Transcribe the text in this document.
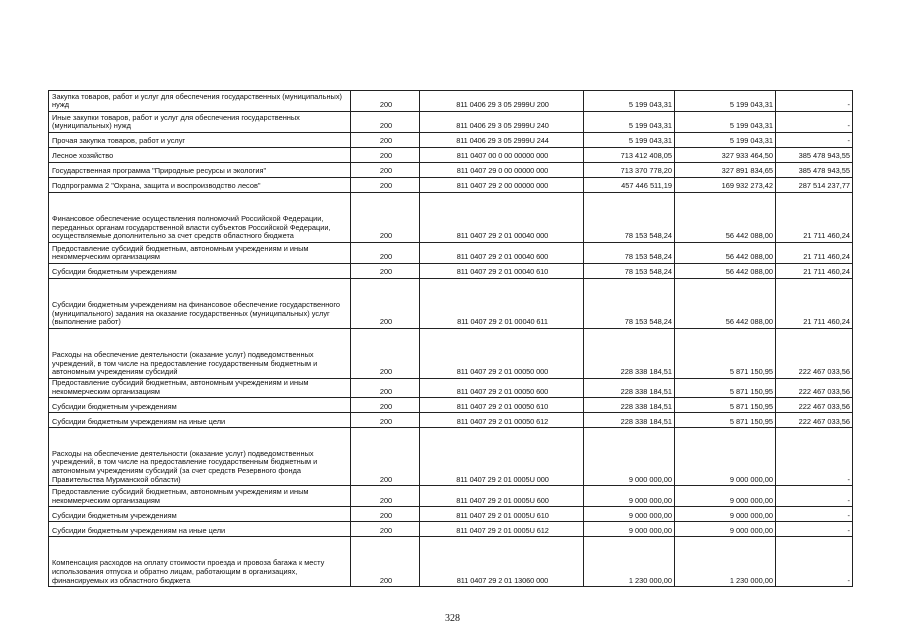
Закупка товаров, работ и услуг для обеспечения государственных (муниципальных) нужд	200	811 0406 29 3 05 2999U 200	5 199 043,31	5 199 043,31	-
Иные закупки товаров, работ и услуг для обеспечения государственных (муниципальных) нужд	200	811 0406 29 3 05 2999U 240	5 199 043,31	5 199 043,31	-
Прочая закупка товаров, работ и услуг	200	811 0406 29 3 05 2999U 244	5 199 043,31	5 199 043,31	-
Лесное хозяйство	200	811 0407 00 0 00 00000 000	713 412 408,05	327 933 464,50	385 478 943,55
Государственная программа "Природные ресурсы и экология"	200	811 0407 29 0 00 00000 000	713 370 778,20	327 891 834,65	385 478 943,55
Подпрограмма 2 "Охрана, защита и воспроизводство лесов"	200	811 0407 29 2 00 00000 000	457 446 511,19	169 932 273,42	287 514 237,77
Финансовое обеспечение осуществления полномочий Российской Федерации, переданных органам государственной власти субъектов Российской Федерации, осуществляемые дополнительно за счет средств областного бюджета	200	811 0407 29 2 01 00040 000	78 153 548,24	56 442 088,00	21 711 460,24
Предоставление субсидий бюджетным, автономным учреждениям и иным некоммерческим организациям	200	811 0407 29 2 01 00040 600	78 153 548,24	56 442 088,00	21 711 460,24
Субсидии бюджетным учреждениям	200	811 0407 29 2 01 00040 610	78 153 548,24	56 442 088,00	21 711 460,24
Субсидии бюджетным учреждениям на финансовое обеспечение государственного (муниципального) задания на оказание государственных (муниципальных) услуг (выполнение работ)	200	811 0407 29 2 01 00040 611	78 153 548,24	56 442 088,00	21 711 460,24
Расходы на обеспечение деятельности (оказание услуг) подведомственных учреждений, в том числе на предоставление государственным бюджетным и автономным учреждениям субсидий	200	811 0407 29 2 01 00050 000	228 338 184,51	5 871 150,95	222 467 033,56
Предоставление субсидий бюджетным, автономным учреждениям и иным некоммерческим организациям	200	811 0407 29 2 01 00050 600	228 338 184,51	5 871 150,95	222 467 033,56
Субсидии бюджетным учреждениям	200	811 0407 29 2 01 00050 610	228 338 184,51	5 871 150,95	222 467 033,56
Субсидии бюджетным учреждениям на иные цели	200	811 0407 29 2 01 00050 612	228 338 184,51	5 871 150,95	222 467 033,56
Расходы на обеспечение деятельности (оказание услуг) подведомственных учреждений, в том числе на предоставление государственным бюджетным и автономным учреждениям субсидий (за счет средств Резервного фонда Правительства Мурманской области)	200	811 0407 29 2 01 0005U 000	9 000 000,00	9 000 000,00	-
Предоставление субсидий бюджетным, автономным учреждениям и иным некоммерческим организациям	200	811 0407 29 2 01 0005U 600	9 000 000,00	9 000 000,00	-
Субсидии бюджетным учреждениям	200	811 0407 29 2 01 0005U 610	9 000 000,00	9 000 000,00	-
Субсидии бюджетным учреждениям на иные цели	200	811 0407 29 2 01 0005U 612	9 000 000,00	9 000 000,00	-
Компенсация расходов на оплату стоимости проезда и провоза багажа к месту использования отпуска и обратно лицам, работающим в организациях, финансируемых из областного бюджета	200	811 0407 29 2 01 13060 000	1 230 000,00	1 230 000,00	-
328
